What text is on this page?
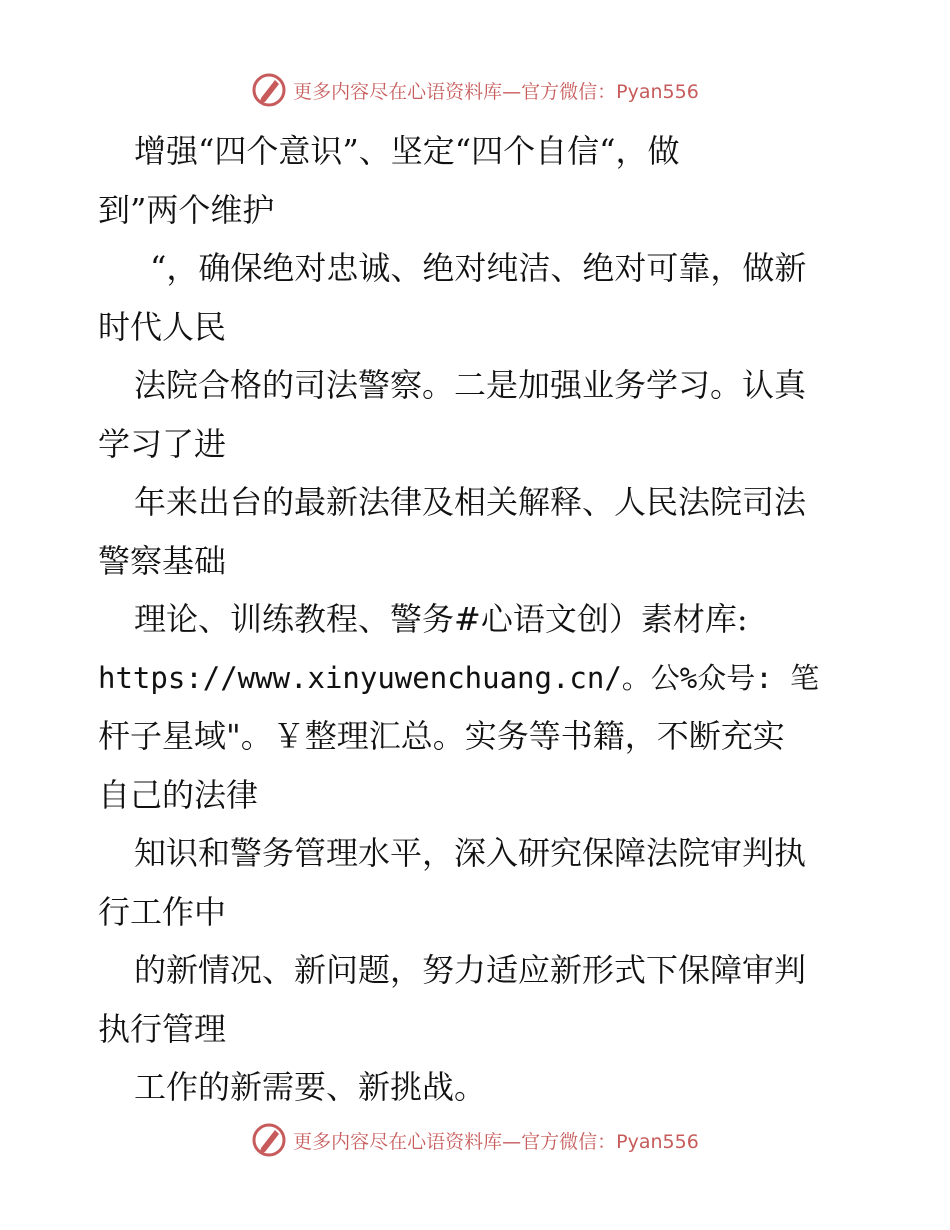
更多内容尽在心语资料库—官方微信：Pyan556
增强“四个意识”、坚定“四个自信“，做
到”两个维护
“，确保绝对忠诚、绝对纯洁、绝对可靠，做新
时代人民
法院合格的司法警察。二是加强业务学习。认真
学习了进
年来出台的最新法律及相关解释、人民法院司法
警察基础
理论、训练教程、警务#心语文创）素材库:
https://www.xinyuwenchuang.cn/。公%众号: 笔
杆子星域"。￥整理汇总。实务等书籍，不断充实
自己的法律
知识和警务管理水平，深入研究保障法院审判执
行工作中
的新情况、新问题，努力适应新形式下保障审判
执行管理
工作的新需要、新挑战。
更多内容尽在心语资料库—官方微信：Pyan556
